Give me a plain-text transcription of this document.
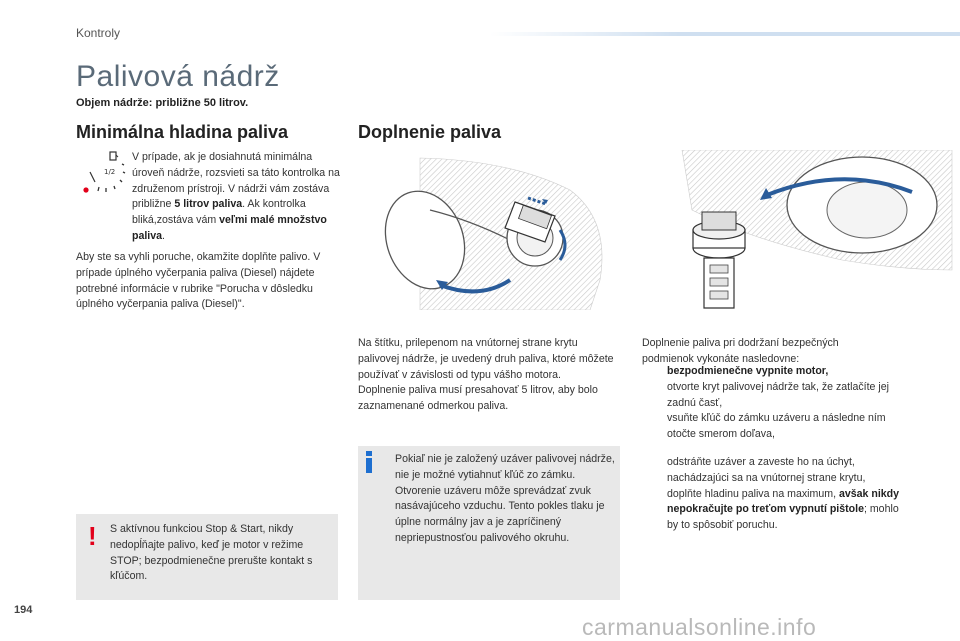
Kontroly
Palivová nádrž
Objem nádrže: približne 50 litrov.
Minimálna hladina paliva
1/2
V prípade, ak je dosiahnutá minimálna úroveň nádrže, rozsvieti sa táto kontrolka na združenom prístroji. V nádrži vám zostáva približne 5 litrov paliva. Ak kontrolka bliká,zostáva vám veľmi malé množstvo paliva.
Aby ste sa vyhli poruche, okamžite doplňte palivo. V prípade úplného vyčerpania paliva (Diesel) nájdete potrebné informácie v rubrike "Porucha v dôsledku úplného vyčerpania paliva (Diesel)".
! S aktívnou funkciou Stop & Start, nikdy nedopĺňajte palivo, keď je motor v režime STOP; bezpodmienečne prerušte kontakt s kľúčom.
Doplnenie paliva
Na štítku, prilepenom na vnútornej strane krytu palivovej nádrže, je uvedený druh paliva, ktoré môžete používať v závislosti od typu vášho motora.
Doplnenie paliva musí presahovať 5 litrov, aby bolo zaznamenané odmerkou paliva.
Pokiaľ nie je založený uzáver palivovej nádrže, nie je možné vytiahnuť kľúč zo zámku.
Otvorenie uzáveru môže sprevádzať zvuk nasávajúceho vzduchu. Tento pokles tlaku je úplne normálny jav a je zapríčinený nepriepustnosťou palivového okruhu.
Doplnenie paliva pri dodržaní bezpečných podmienok vykonáte nasledovne:
bezpodmienečne vypnite motor,
otvorte kryt palivovej nádrže tak, že zatlačíte jej zadnú časť,
vsuňte kľúč do zámku uzáveru a následne ním otočte smerom doľava,
odstráňte uzáver a zaveste ho na úchyt, nachádzajúci sa na vnútornej strane krytu,
doplňte hladinu paliva na maximum, avšak nikdy nepokračujte po treťom vypnutí pištole; mohlo by to spôsobiť poruchu.
194
carmanualsonline.info
